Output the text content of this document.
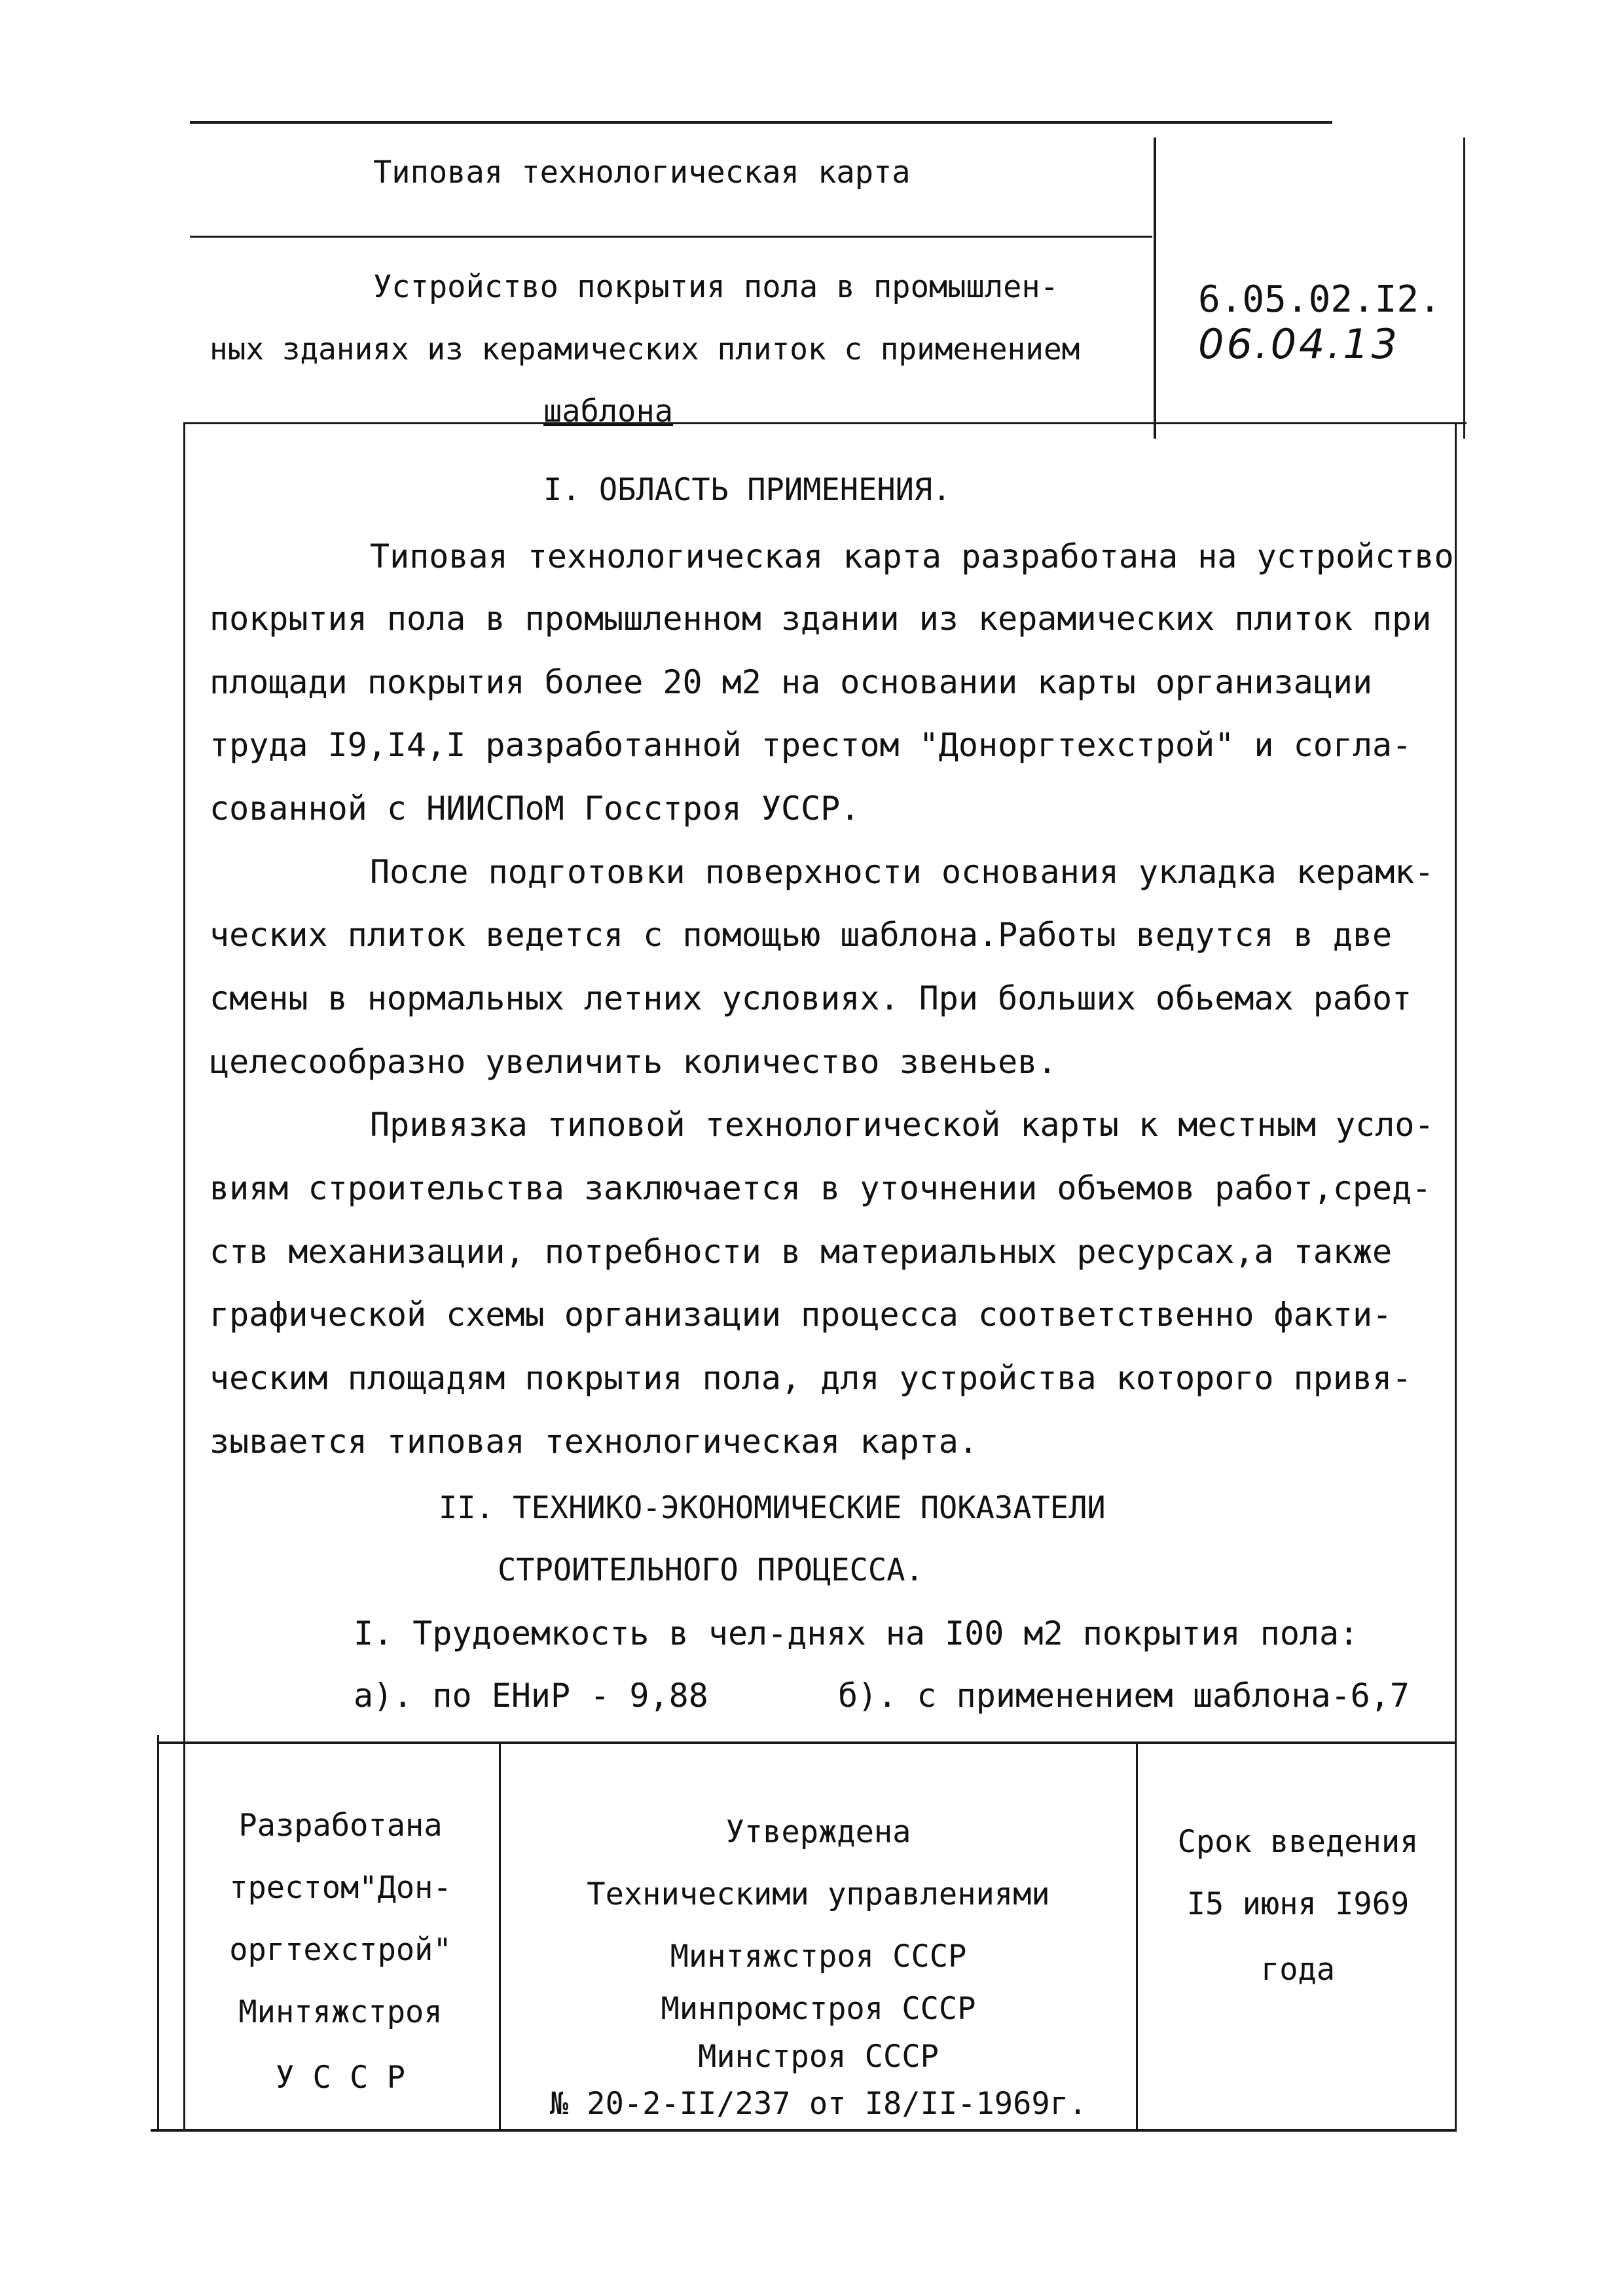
Типовая технологическая карта
Устройство покрытия пола в промышлен-
ных зданиях из керамических плиток с применением
шаблона
6.05.02.I2.
06.04.13
I. ОБЛАСТЬ ПРИМЕНЕНИЯ.
Типовая технологическая карта разработана на устройство
покрытия пола в промышленном здании из керамических плиток при
площади покрытия более 20 м2 на основании карты организации
труда I9,I4,I разработанной трестом "Доноргтехстрой" и согла-
сованной с НИИСПоМ Госстроя УССР.
После подготовки поверхности основания укладка керамк-
ческих плиток ведется с помощью шаблона.Работы ведутся в две
смены в нормальных летних условиях. При больших обьемах работ
целесообразно увеличить количество звеньев.
Привязка типовой технологической карты к местным усло-
виям строительства заключается в уточнении объемов работ,сред-
ств механизации, потребности в материальных ресурсах,а также
графической схемы организации процесса соответственно факти-
ческим площадям покрытия пола, для устройства которого привя-
зывается типовая технологическая карта.
II. ТЕХНИКО-ЭКОНОМИЧЕСКИЕ ПОКАЗАТЕЛИ
СТРОИТЕЛЬНОГО ПРОЦЕССА.
I. Трудоемкость в чел-днях на I00 м2 покрытия пола:
а). по ЕНиР - 9,88	б). с применением шаблона-6,7
Разработана
трестом"Дон-
оргтехстрой"
Минтяжстроя
У С С Р
Утверждена
Техническими управлениями
Минтяжстроя СССР
Минпромстроя СССР
Минстроя СССР
№ 20-2-II/237 от I8/II-1969г.
Срок введения
I5 июня I969
года
